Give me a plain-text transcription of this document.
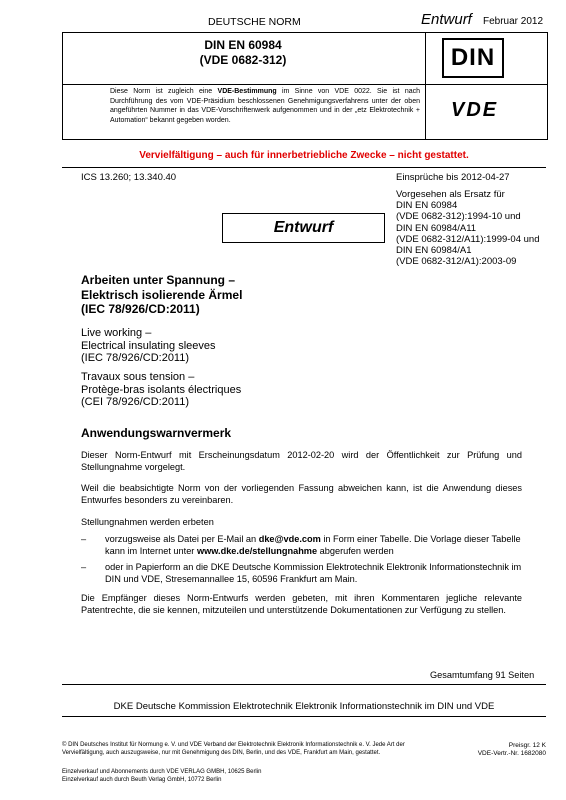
DEUTSCHE NORM	Entwurf Februar 2012
DIN EN 60984
(VDE 0682-312)	DIN
Diese Norm ist zugleich eine VDE-Bestimmung im Sinne von VDE 0022. Sie ist nach Durchführung des vom VDE-Präsidium beschlossenen Genehmigungsverfahrens unter der oben angeführten Nummer in das VDE-Vorschriftenwerk aufgenommen und in der „etz Elektrotechnik + Automation“ bekannt gegeben worden.	VDE
Vervielfältigung – auch für innerbetriebliche Zwecke – nicht gestattet.
ICS 13.260; 13.340.40	Einsprüche bis 2012-04-27
Vorgesehen als Ersatz für
DIN EN 60984
(VDE 0682-312):1994-10 und
DIN EN 60984/A11
(VDE 0682-312/A11):1999-04 und
DIN EN 60984/A1
(VDE 0682-312/A1):2003-09
Entwurf
Arbeiten unter Spannung –
Elektrisch isolierende Ärmel
(IEC 78/926/CD:2011)
Live working –
Electrical insulating sleeves
(IEC 78/926/CD:2011)
Travaux sous tension –
Protège-bras isolants électriques
(CEI 78/926/CD:2011)
Anwendungswarnvermerk
Dieser Norm-Entwurf mit Erscheinungsdatum 2012-02-20 wird der Öffentlichkeit zur Prüfung und Stellungnahme vorgelegt.
Weil die beabsichtigte Norm von der vorliegenden Fassung abweichen kann, ist die Anwendung dieses Entwurfes besonders zu vereinbaren.
Stellungnahmen werden erbeten
– vorzugsweise als Datei per E-Mail an dke@vde.com in Form einer Tabelle. Die Vorlage dieser Tabelle kann im Internet unter www.dke.de/stellungnahme abgerufen werden
– oder in Papierform an die DKE Deutsche Kommission Elektrotechnik Elektronik Informationstechnik im DIN und VDE, Stresemannallee 15, 60596 Frankfurt am Main.
Die Empfänger dieses Norm-Entwurfs werden gebeten, mit ihren Kommentaren jegliche relevante Patentrechte, die sie kennen, mitzuteilen und unterstützende Dokumentationen zur Verfügung zu stellen.
Gesamtumfang 91 Seiten
DKE Deutsche Kommission Elektrotechnik Elektronik Informationstechnik im DIN und VDE
© DIN Deutsches Institut für Normung e. V. und VDE Verband der Elektrotechnik Elektronik Informationstechnik e. V. Jede Art der Vervielfältigung, auch auszugsweise, nur mit Genehmigung des DIN, Berlin, und des VDE, Frankfurt am Main, gestattet.
Einzelverkauf und Abonnements durch VDE VERLAG GMBH, 10625 Berlin
Einzelverkauf auch durch Beuth Verlag GmbH, 10772 Berlin
Preisgr. 12 K
VDE-Vertr.-Nr. 1682080
